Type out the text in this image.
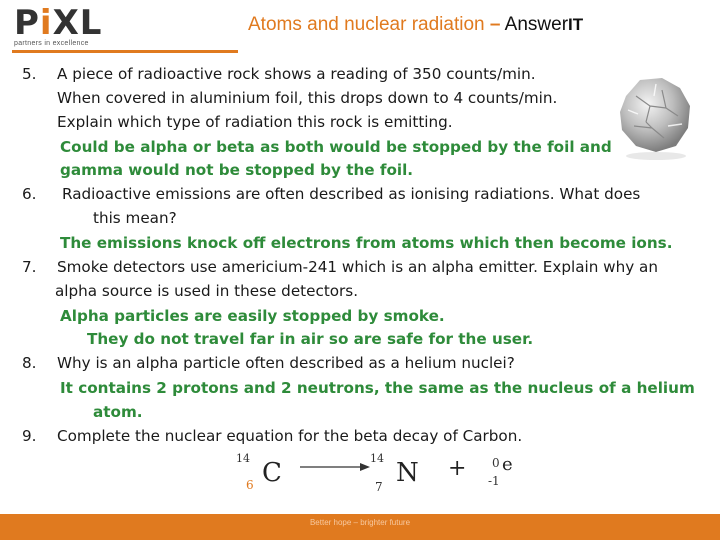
PiXL
partners in excellence
Atoms and nuclear radiation – AnswerIT
5.	A piece of radioactive rock shows a reading of 350 counts/min.
When covered in aluminium foil, this drops down to 4 counts/min.
Explain which type of radiation this rock is emitting.
Could be alpha or beta as both would be stopped by the foil and
gamma would not be stopped by the foil.
6.	Radioactive emissions are often described as ionising radiations. What does
this mean?
The emissions knock off electrons from atoms which then become ions.
7.	Smoke detectors use americium-241 which is an alpha emitter. Explain why an
alpha source is used in these detectors.
Alpha particles are easily stopped by smoke.
They do not travel far in air so are safe for the user.
8.	Why is an alpha particle often described as a helium nuclei?
It contains 2 protons and 2 neutrons, the same as the nucleus of a helium
atom.
9.	Complete the nuclear equation for the beta decay of Carbon.
14 C
6
14 N
7
+ 0 e
-1
Better hope – brighter future
